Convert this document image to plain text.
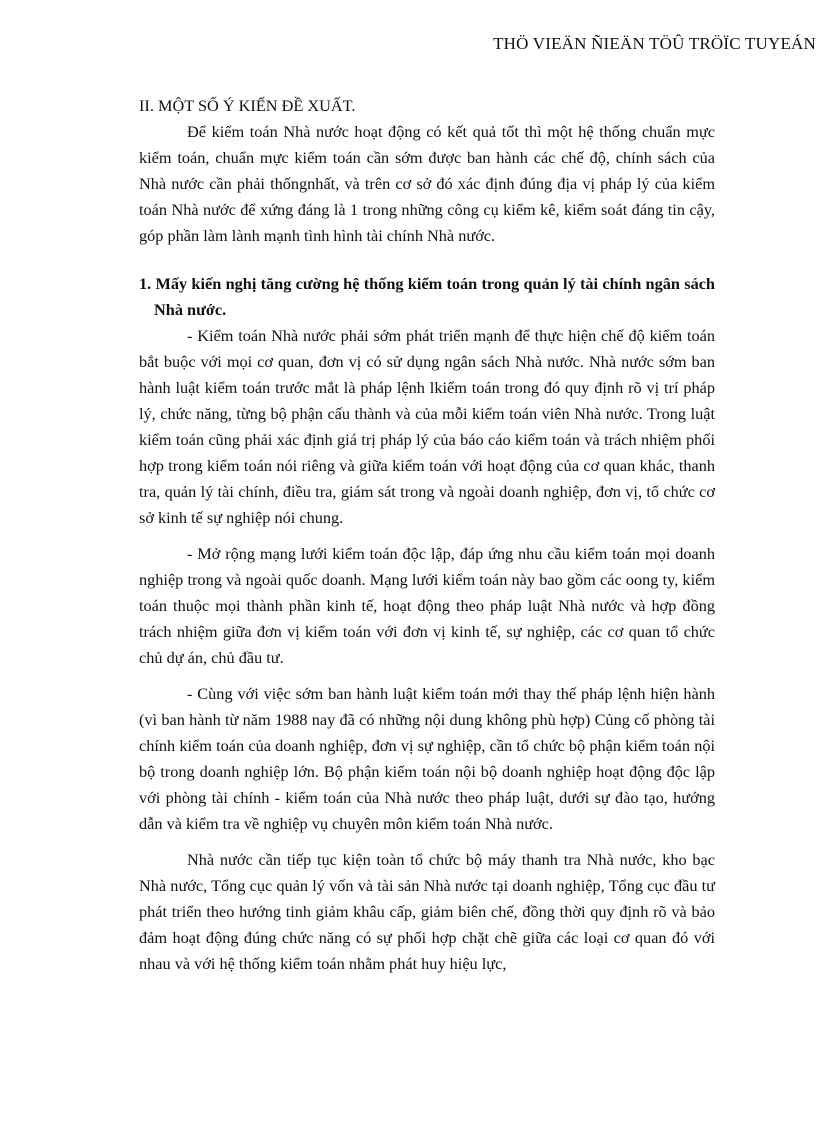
THÖ VIEÄN ÑIEÄN TÖÛ TRÖÏC TUYEÁN

II. MỘT SỐ Ý KIẾN ĐỀ XUẤT.

Để kiểm toán Nhà nước hoạt động có kết quả tốt thì một hệ thống chuẩn mực kiểm toán, chuẩn mực kiểm toán cần sớm được ban hành các chế độ, chính sách của Nhà nước cần phải thốngnhất, và trên cơ sở đó xác định đúng địa vị pháp lý của kiểm toán Nhà nước để xứng đáng là 1 trong những công cụ kiểm kê, kiểm soát đáng tin cậy, góp phần làm lành mạnh tình hình tài chính Nhà nước.

1. Mấy kiến nghị tăng cường hệ thống kiểm toán trong quản lý tài chính ngân sách Nhà nước.

- Kiểm toán Nhà nước phải sớm phát triển mạnh để thực hiện chế độ kiểm toán bắt buộc với mọi cơ quan, đơn vị có sử dụng ngân sách Nhà nước. Nhà nước sớm ban hành luật kiểm toán trước mắt là pháp lệnh lkiểm toán trong đó quy định rõ vị trí pháp lý, chức năng, từng bộ phận cấu thành và của mỗi kiểm toán viên Nhà nước. Trong luật kiểm toán cũng phải xác định giá trị pháp lý của báo cáo kiểm toán và trách nhiệm phối hợp trong kiểm toán nói riêng và giữa kiểm toán với hoạt động của cơ quan khác, thanh tra, quản lý tài chính, điều tra, giám sát trong và ngoài doanh nghiệp, đơn vị, tổ chức cơ sở kinh tế sự nghiệp nói chung.

- Mở rộng mạng lưới kiểm toán độc lập, đáp ứng nhu cầu kiểm toán mọi doanh nghiệp trong và ngoài quốc doanh. Mạng lưới kiểm toán này bao gồm các oong ty, kiểm toán thuộc mọi thành phần kinh tế, hoạt động theo pháp luật Nhà nước và hợp đồng trách nhiệm giữa đơn vị kiểm toán với đơn vị kinh tế, sự nghiệp, các cơ quan tổ chức chủ dự án, chủ đầu tư.

- Cùng với việc sớm ban hành luật kiểm toán mới thay thế pháp lệnh hiện hành (vì ban hành từ năm 1988 nay đã có những nội dung không phù hợp) Củng cố phòng tài chính kiểm toán của doanh nghiệp, đơn vị sự nghiệp, cần tổ chức bộ phận kiểm toán nội bộ trong doanh nghiệp lớn. Bộ phận kiểm toán nội bộ doanh nghiệp hoạt động độc lập với phòng tài chính - kiểm toán của Nhà nước theo pháp luật, dưới sự đào tạo, hướng dẫn và kiểm tra về nghiệp vụ chuyên môn kiểm toán Nhà nước.

Nhà nước cần tiếp tục kiện toàn tổ chức bộ máy thanh tra Nhà nước, kho bạc Nhà nước, Tổng cục quản lý vốn và tài sản Nhà nước tại doanh nghiệp, Tổng cục đầu tư phát triển theo hướng tinh giảm khâu cấp, giảm biên chế, đồng thời quy định rõ và bảo đảm hoạt động đúng chức năng có sự phối hợp chặt chẽ giữa các loại cơ quan đó với nhau và với hệ thống kiểm toán nhằm phát huy hiệu lực,
